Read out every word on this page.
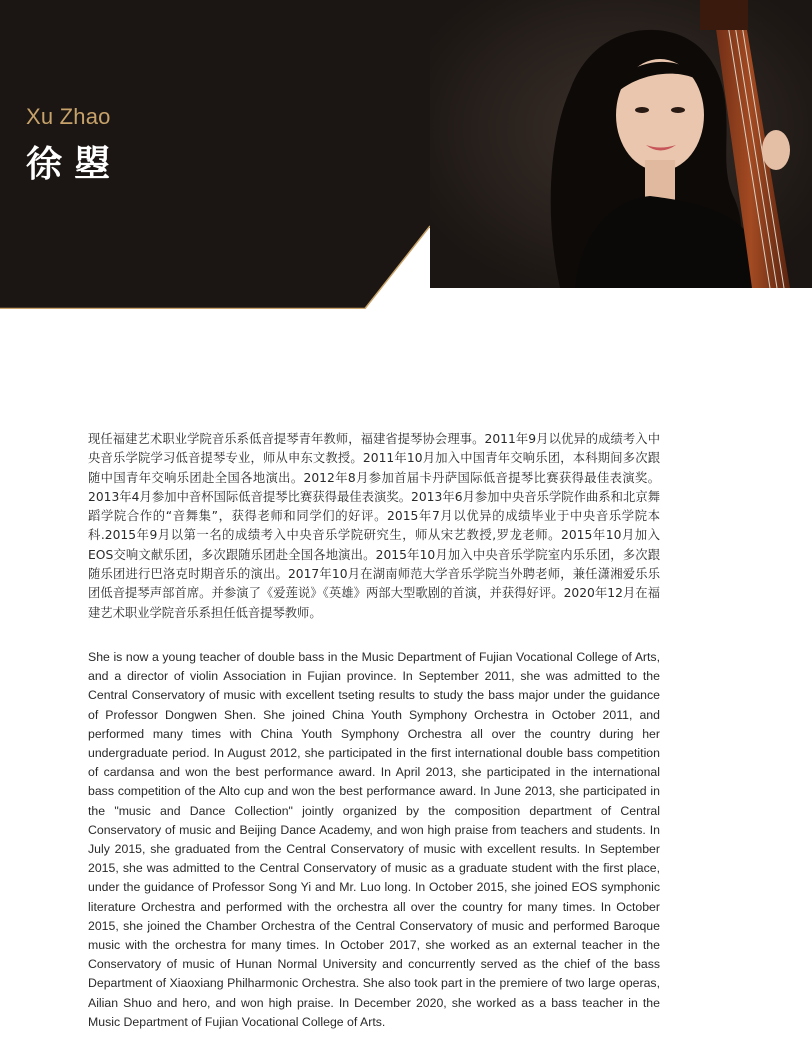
Xu Zhao
徐曌

现任福建艺术职业学院音乐系低音提琴青年教师，福建省提琴协会理事。2011年9月以优异的成绩考入中央音乐学院学习低音提琴专业，师从申东文教授。2011年10月加入中国青年交响乐团，本科期间多次跟随中国青年交响乐团赴全国各地演出。2012年8月参加首届卡丹萨国际低音提琴比赛获得最佳表演奖。 2013年4月参加中音杯国际低音提琴比赛获得最佳表演奖。2013年6月参加中央音乐学院作曲系和北京舞蹈学院合作的“音舞集”，获得老师和同学们的好评。2015年7月以优异的成绩毕业于中央音乐学院本科.2015年9月以第一名的成绩考入中央音乐学院研究生，师从宋艺教授,罗龙老师。2015年10月加入EOS交响文献乐团，多次跟随乐团赴全国各地演出。2015年10月加入中央音乐学院室内乐乐团，多次跟随乐团进行巴洛克时期音乐的演出。2017年10月在湖南师范大学音乐学院当外聘老师，兼任潇湘爱乐乐团低音提琴声部首席。并参演了《爱莲说》《英雄》两部大型歌剧的首演，并获得好评。2020年12月在福建艺术职业学院音乐系担任低音提琴教师。

She is now a young teacher of double bass in the Music Department of Fujian Vocational College of Arts, and a director of violin Association in Fujian province. In September 2011, she was admitted to the Central Conservatory of music with excellent tseting results to study the bass major under the guidance of Professor Dongwen Shen. She joined China Youth Symphony Orchestra in October 2011, and performed many times with China Youth Symphony Orchestra all over the country during her undergraduate period. In August 2012, she participated in the first international double bass competition of cardansa and won the best performance award. In April 2013, she participated in the international bass competition of the Alto cup and won the best performance award. In June 2013, she participated in the "music and Dance Collection" jointly organized by the composition department of Central Conservatory of music and Beijing Dance Academy, and won high praise from teachers and students. In July 2015, she graduated from the Central Conservatory of music with excellent results. In September 2015, she was admitted to the Central Conservatory of music as a graduate student with the first place, under the guidance of Professor Song Yi and Mr. Luo long. In October 2015, she joined EOS symphonic literature Orchestra and performed with the orchestra all over the country for many times. In October 2015, she joined the Chamber Orchestra of the Central Conservatory of music and performed Baroque music with the orchestra for many times. In October 2017, she worked as an external teacher in the Conservatory of music of Hunan Normal University and concurrently served as the chief of the bass Department of Xiaoxiang Philharmonic Orchestra. She also took part in the premiere of two large operas, Ailian Shuo and hero, and won high praise. In December 2020, she worked as a bass teacher in the Music Department of Fujian Vocational College of Arts.
